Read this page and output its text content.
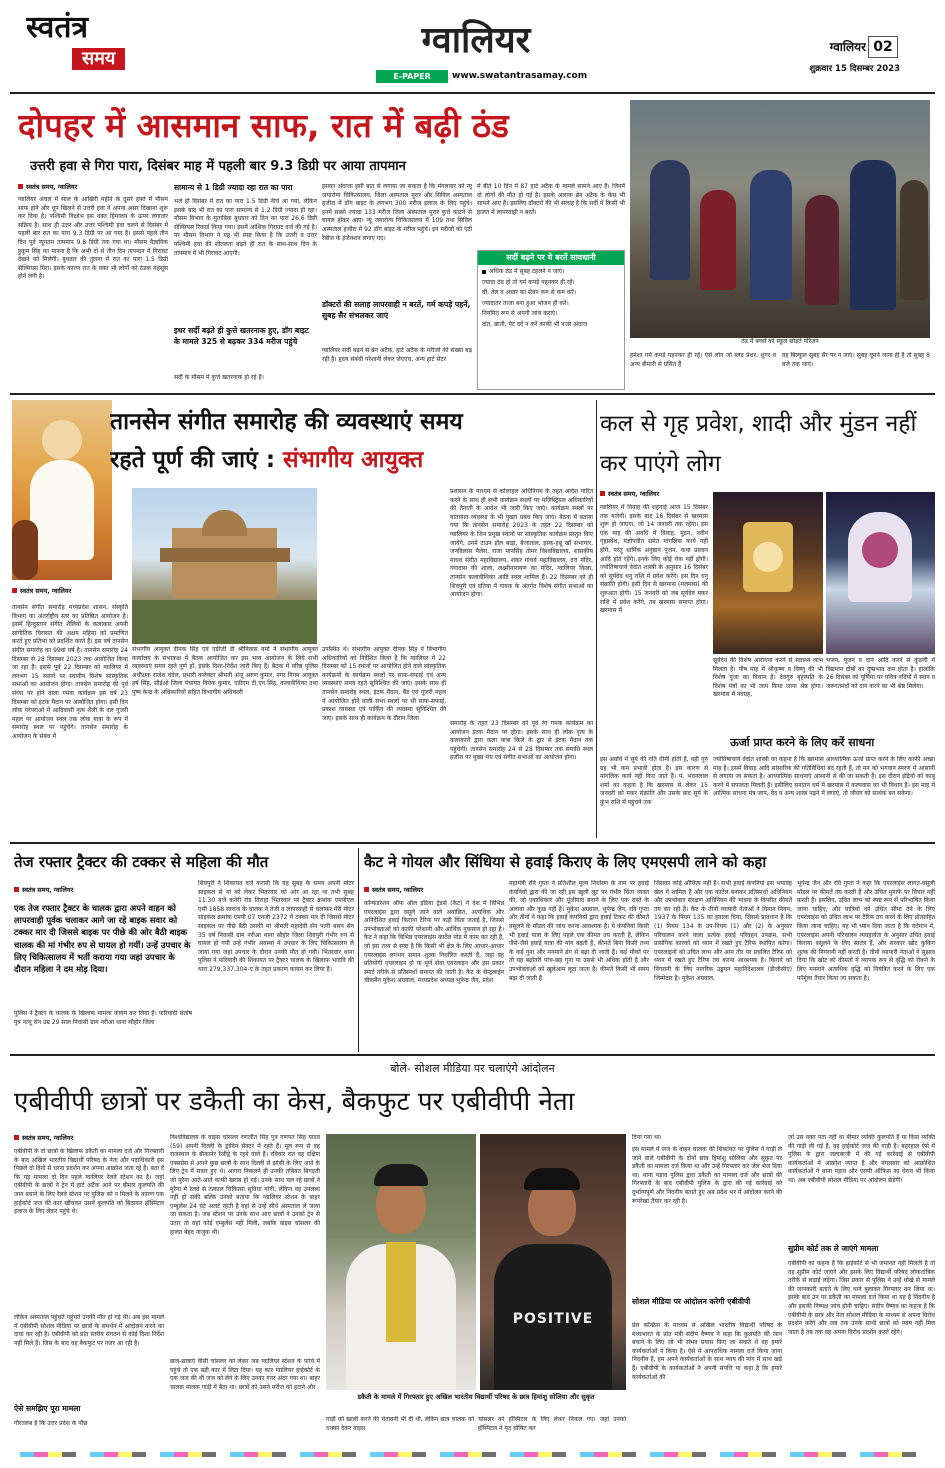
स्वतंत्र
समय	ग्वालियर
E-PAPER	www.swatantrasamay.com
ग्वालियर 02
शुक्रवार 15 दिसम्बर 2023
दोपहर में आसमान साफ, रात में बढ़ी ठंड
उत्तरी हवा से गिरा पारा, दिसंबर माह में पहली बार 9.3 डिग्री पर आया तापमान
स्वतंत्र समय, ग्वालियर
ग्वालियर अंचल में साल के आखिरी महीने के दूसरे हफ्ते में मौसम साफ होने और धूप खिलने से उत्तरी हवा ने अपना असर दिखाना शुरू कर दिया है। पश्चिमी विक्षोभ इस वक्त हिमालय के ऊपर लगातार सक्रिय है। साथ ही उत्तर और उत्तर पश्चिमी हवा चलने से दिसंबर में पहली बार रात का पारा 9.3 डिग्री पर आ गया है। इससे पहले तीन दिन पूर्व न्यूनतम तापमान 9.8 डिग्री तक गया था। मौसम वैज्ञानिक हुकुम सिंह का मानना है कि अभी दो से तीन दिन तापमान में गिरावट देखने को मिलेगी। बुधवार की तुलना में रात का पारा 1.5 डिग्री सेल्सियस गिरा। इसके कारण रात के वक्त भी लोगों को ठंडक महसूस होने लगी है।
सामान्य से 1 डिग्री ज्यादा रहा रात का पारा
भले ही दिसंबर में रात का पारा 1.5 डिग्री नीचे आ गया, लेकिन इसके बाद भी रात का पारा सामान्य से 1.2 डिग्री ज्यादा ही रहा। मौसम विभाग के मुताबिक बुधवार को दिन का पारा 26.6 डिग्री सेल्सियस रिकार्ड किया गया। इसमें आंशिक गिरावट दर्ज की गई है। पर मौसम विभाग ने यह भी स्पष्ट किया है कि उत्तरी व उत्तर पश्चिमी हवा की शीतलता बढ़ते ही रात के साथ-साथ दिन के तापमान में भी गिरावट आएगी।
इधर सर्दी बढ़ते ही कुत्ते खतरनाक हुए, डॉग बाइट के मामले 325 से बढ़कर 334 मरीज पहुंचे
सर्दी के मौसम में कुत्ते खतरनाक हो रहे हैं।
इसका अंदाजा इसी बात से लगाया जा सकता है कि मंगलवार को न्यू जयारोग्य चिकित्सालय, जिला अस्पताल मुरार और सिविल अस्पताल हजीरा में डॉग बाइट के लगभग 300 मरीज इलाज के लिए पहुंचे। इनमें सबसे ज्यादा 133 मरीज जिला अस्पताल मुरार कुत्ते काटने से घायल होकर आए। न्यू जयारोग्य चिकित्सालय में 109 तथा सिविल अस्पताल हजीरा में 92 डॉग बाइट के मरीज पहुंचे। इन मरीजों को एंटी रैबीज के इंजेक्शन लगाए गए।
डॉक्टरों की सलाह लापरवाही न बरतें, गर्म कपड़े पहनें, सुबह सैर संभलकर जाएं
ग्वालियर सर्दी बढ़ने से ब्रेन अटैक, हार्ट अटैक के मरीजों की संख्या बढ़ रही है। हृदय संबंधी परेशानी लेकर जेएएच, अन्य हार्ट सेंटर
में बीते 10 दिन में 87 हार्ट अटैक के मामले सामने आए हैं। जिनमें दो लोगों की मौत हो गई है। इसके अलावा ब्रेन अटैक के केस भी सामने आए हैं। इसलिए डॉक्टरों की भी सलाह है कि सर्दी में किसी भी हालत में लापरवाही न बरतें।
सर्दी बढ़ने पर ये बरतें सावधानी
अधिक ठंड में सुबह टहलने न जाएं।
ज्यादा ठंड हो तो गर्म कपड़े पहनकर ही रहें।
घी, तेल व अचार का सेवन कम से कम करें।
ज्यादातर ताजा बना हुआ भोजन ही करें।
नियमित रूप से अपनी जांच कराएं।
दांत, छाती, पेट दर्द न करें काफी भी नजर अंदाज
ठंड में बच्चों को स्कूल छोड़ते परिजन
हमेशा गर्म कपड़े पहनकर ही रहें। ऐसे लोग जो ब्लड प्रेशर, शुगर व अन्य बीमारी से ग्रसित हैं
वह बिल्कुल सुबह सैर पर न जाएं। सुबह घूमने जाना ही है तो सुबह 8 बजे तक जाएं।
तानसेन संगीत समारोह की व्यवस्थाएं समय
रहते पूर्ण की जाएं : संभागीय आयुक्त
स्वतंत्र समय, ग्वालियर
तानसेन संगीत समारोह मध्यप्रदेश शासन, संस्कृति विभाग का अंतर्राष्ट्रीय स्तर का प्रतिष्ठित आयोजन है। इसमें हिन्दुस्तान संगीत शैलियों के कलाकार अपनी सांगीतिक विरासत की अक्षय महिमा को प्रमाणित करते हुए प्रतिभा को प्रदर्शित करते हैं। इस वर्ष तानसेन संगीत समारोह का 99वां वर्ष है। तानसेन समारोह 24 दिसम्बर से 28 दिसम्बर 2023 तक आयोजित किया जा रहा है। इससे पूर्व 22 दिसम्बर को ग्वालियर में लगभग 15 स्थानों पर स्थानीय विशेष सांस्कृतिक सभाओं का आयोजन होगा। तानसेन समारोह की पूर्व संध्या पर होने वाला गमक कार्यक्रम इस वर्ष 23 दिसम्बर को इंटक मैदान पर आयोजित होगा। इसी दिन लोक परंपराओं में आदिवासी नृत्य शैली के दल गूजरी महल पर आयोजन स्थल तक लोक यात्रा के रूप में समारोह स्थल पर पहुंचेंगे। तानसेन समारोह के आयोजन के संबंध में
संभागीय आयुक्त दीपक सिंह एवं एडीजी डी श्रीनिवास वर्मा ने संभागीय आयुक्त कार्यालय के सभाकक्ष में बैठक आयोजित कर इस भव्य आयोजन के लिये सभी व्यवस्थाएं समय रहते पूर्ण हों, इसके दिशा-निर्देश जारी किए हैं। बैठक में वरिष्ठ पुलिस अधीक्षक राजेश चंदेल, प्रभारी कलेक्टर श्रीमती अंजू अरुण कुमार, नगर निगम आयुक्त हर्ष सिंह, सीईओ जिला पंचायत विवेक कुमार, एडीएम टी एन सिंह, कलावीथिका तथा पुष्प केन्द्र के अधिकारियों सहित विभागीय अधिकारी
उपस्थित थे। संभागीय आयुक्त दीपक सिंह ने विभागीय अधिकारियों को निर्देशित किया है कि ग्वालियर में 22 दिसम्बर को 15 स्थानों पर आयोजित होने वाले सांस्कृतिक कार्यक्रमों के कार्यक्रम स्थलों पर साफ-सफाई एवं अन्य व्यवस्थाएं समय रहते सुनिश्चित की जाएं। इसके साथ ही तानसेन समारोह स्थल, इंटक मैदान, बैंड एवं गूजरी महल में आयोजित होने वाली सभा स्थलों पर भी साफ-सफाई, प्रकाश व्यवस्था एवं पार्किंग की व्यवस्था सुनिश्चित की जाए। इसके साथ ही कार्यक्रम के दौरान जिला
प्रशासन के माध्यम से कोलाहल अधिनियम के तहत आदेश पारित करने के साथ ही सभी कार्यक्रम स्थलों पर मजिस्ट्रियल अधिकारियों की तैनाती के आदेश भी जारी किए जाएं। कार्यक्रम स्थलों पर यातायात व्यवस्था के भी पुख्ता प्रबंध किए जाएं। बैठक में बताया गया कि तानसेन समारोह 2023 के तहत 22 दिसम्बर को ग्वालियर के जिन प्रमुख स्थानों पर सांस्कृतिक कार्यक्रम प्रस्तुत किए जायेंगे, उनमें टाउन हॉल बाड़ा, बैजाताल, इस्क-हबू खाँ सभागार, जनविलास पैलेस, राजा मानसिंह तोमर विश्वविद्यालय, शासकीय माधव संगीत महाविद्यालय, शंकर गांधर्व महाविद्यालय, दत्त मंदिर, गंगादास की शाला, लक्ष्मीनारायण का मंदिर, ग्वालियर किला, तानसेन कलावीथिका आदि स्थल शामिल हैं। 22 दिसम्बर को ही शिवपुरी एवं दतिया में गायक के अंतर्गत विशेष संगीत सभाओं का आयोजन होगा।
समारोह के तहत 23 दिसम्बर को पूर्व रंग गमक कार्यक्रम का आयोजन इंटक मैदान पर होगा। इसके साथ ही लोक नृत्य के कलाकारों द्वारा कला यात्रा किले के द्वार से इंटक मैदान तक पहुंचेगी। तानसेन समारोह 24 से 28 दिसम्बर तक समाधि स्थल हजीरा पर मुख्य मंच एवं संगीत सभाओं का आयोजन होगा।
कल से गृह प्रवेश, शादी और मुंडन नहीं कर पाएंगे लोग
स्वतंत्र समय, ग्वालियर
ग्वालियर में विवाह की शहनाई आज 15 दिसंबर तक बजेगी। इसके बाद 16 दिसंबर से खरमास शुरू हो जाएगा, जो 14 जनवरी तक रहेगा। इस एक माह की अवधि में विवाह, मुंडन, नवीन गृहप्रवेश, यज्ञोपवीत समेत मांगलिक कार्य नहीं होंगे, परंतु धार्मिक अनुष्ठान पूजन, कथा प्रवचन आदि होते रहेंगे। इनके लिए कोई रोक नहीं होगी। ज्योतिषाचार्य वेदांत शास्त्री के अनुसार 16 दिसंबर को सूर्यदेव धनु राशि में प्रवेश करेंगे। इस दिन धनु संक्रांति होगी। इसी दिन से खरमास (मलमास) की शुरुआत होगी। 15 जनवरी को जब सूर्यदेव मकर राशि में प्रवेश करेंगे, तब खरमास समाप्त होगा। खरमास में
सूर्यदेव की विशेष आराधना करने से स्वास्थ्य लाभ मिलता है। पौष माह में श्रीकृष्ण व विष्णु की भी विशेष पूजा का विधान है। देवगुरु बृहस्पति के विशेष मंत्रों का भी जाप किया जाना श्रेष्ठ होगा। खरमास में नवग्रह,
भजन, पूजन व दान आदि करने से कुंडली में विद्यमान दोषों का दुष्प्रभाव कम होता है। हालांकि 26 दिसंबर को पूर्णिमा पर पवित्र नदियों में स्नान व जरूरतमंदों को दान करने का भी श्रेष्ठ मिलेगा।
इस अवधि में सूर्य की गति धीमी होती है, वहीं गुरु ग्रह भी कम प्रभावी होता है। इस कारण से मांगलिक कार्य नहीं किए जाते हैं। पं. भवनलाल शर्मा का कहना है कि खरमास से लेकर 15 जनवरी को मकर संक्रांति और उसके बाद सूर्य के कुंभ राशि में पहुंचने तक
ऊर्जा प्राप्त करने के लिए करें साधना
ज्योतिषाचार्य वेदांत शास्त्री का कहना है कि खरमास आध्यात्मिक ऊर्जा प्राप्त करने के लिए काफी अच्छा माह है। इसमें विवाह आदि सांसारिक की गतिविधियां बंद रहती हैं, तो मन को भगवान स्मरण में आसानी से लगाया जा सकता है। आध्यात्मिक साधनाएं आसानी से की जा सकती हैं। इस दौरान इंद्रियों को काबू करने में सफलता मिलती है। इसीलिए सनातन धर्म में खरमास में कल्पवास का भी विधान है। इस माह में आत्मिक साधना मंत्र जाप, वेद व अन्य शास्त्र पढ़ने में लगाएं, तो जीवन को सार्थक बन सकेगा।
तेज रफ्तार ट्रैक्टर की टक्कर से महिला की मौत
स्वतंत्र समय, ग्वालियर
एक तेज रफ्तार ट्रैक्टर के चालक द्वारा अपने वाहन को लापरवाही पूर्वक चलाकर आगे जा रहे बाइक सवार को टक्कर मार दी जिससे बाइक पर पीछे की ओर बैठी बाइक चालक की मां गंभीर रुप से घायल हो गयीं। उन्हें उपचार के लिए चिकित्सालय में भर्ती कराया गया जहां उपचार के दौरान महिला ने दम मोड़ दिया।
पुलिस ने ट्रैक्टर के चालक के खिलाफ मामला कायम कर लिया है। फरियादी संतोष पुत्र नत्थू सेन उम्र 29 साल निवासी ग्राम नरीआ थाना सौहोर जिला
शिवपुरी ने शिकायत दर्ज करायी कि वह सुबह के समय अपनी मोटर साइकल से मां को लेकर भितरवार को ओर आ रहा था तभी सुबह 11.30 बजे कनेरी रोड तिराहा भितरवार पर ट्रैक्टर क्रमांक एमपीएल एसी 1858 स्वराज के चालक ने तेजी व लापरवाही से चलाकर मेरी मोटर साइकल क्रमांक एमपी 07 एनजी 2372 में टक्कर मार दी जिससे मोटर साइकल पर पीछे बैठी उसकी मां श्रीमती महादेवी सेन पत्नी बसन सेन 35 वर्ष निवासी ग्राम नरीआ थाना सौहोर जिला शिवपुरी गंभीर रुप से घायल हो गयी उन्हें गंभीर अवस्था में उपचार के लिए चिकित्सालय ले जाया गया जहां उपचार के दौरान उनकी मौत हो गयी। भितरवार थाना पुलिस ने फरियादी की शिकायत पर ट्रैक्टर चालक के खिलाफ भादवि की धारा 279,337,304-ए के तहत प्रकरण कायम कर लिया है।
कैट ने गोयल और सिंधिया से हवाई किराए के लिए एमएसपी लाने को कहा
स्वतंत्र समय, ग्वालियर
कॉन्फेडरेशन ऑफ ऑल इंडिया ट्रेडर्स (कैट) ने देश में विभिन्न एयरलाइंस द्वारा वसूले जाने वाले अवांछित, अत्यधिक और अनिर्देशित हवाई किराया टैरिफ पर कड़ी चिंता जताई है, जिससे उपभोक्ताओं को काफी परेशानी और आर्थिक नुकसान हो रहा है। कैट ने कहा कि विभिन्न एयरलाइंस कार्टेल मोड में काम कर रही हैं, जो इस तथ्य से स्पष्ट है कि किसी भी क्षेत्र के लिए आधार-आधार एयरलाइंस लगभग समान शुल्क निर्धारित करती हैं, जहां वह प्रतियोगी एयरलाइन हो या पूर्ण सेवा एयरलाइन और इस प्रकार स्मार्ट तरीके से प्रतिस्पर्धा समाप्त की जाती है। कैट के सेन्ट्रलाईन चीफ़मैन मुकेश अग्रवाल, मध्यप्रदेश अध्यक्ष भूपेन्द्र जैन, प्रदेश
महामंत्री रवि गुप्ता ने प्रतिशील मूल्य निर्धारण के नाम पर हवाई कंपनियों द्वारा की जा रही इस खुली लूट पर गंभीर चिंता व्यक्त की, जो एकाधिकार और पूंजीवाद बनाने के लिए एक रास्ते के अलावा और कुछ नहीं है। मुकेश अग्रवाल, भूपेन्द्र जैन, रवि गुप्ता और तीनों ने कहा कि हवाई कंपनियों द्वारा हवाई टिकट की कीमतें वसूलने के मॉडल की जांच करना आवश्यक है। ये कंपनियां किसी भी हवाई यात्रा के लिए पहले एक कीमत तय करती हैं, लेकिन जैसे-जैसे हवाई यात्रा की मांग बढ़ती है, कीमतें बिना किसी तथ्य के कई गुना और मनमाने ढंग से बढ़ा दी जाती हैं। कई मौकों पर तो यह बढ़ोतरी पांच-छह गुना या उससे भी अधिक होती है और उपभोक्ताओं को खुलेआम लूटा जाता है। कीमतें किसी भी समय बढ़ा दी जाती हैं
जिसका कोई औचित्य नहीं है। सभी हवाई कंपनियां इस भयावह खेल में शामिल हैं और एक कार्टेल बनाकर प्रतिस्पर्धा अधिनियम और उपभोक्ता संरक्षण अधिनियम की भावना के विपरीत कीमतें तय कर रही हैं। कैट के तीनों व्यापारी नेताओं ने विमान नियम, 1937 के नियम 135 का हवाला दिया, जिसमें प्रावधान है कि (1) नियम 134 के उप-नियम (1) और (2) के अनुसार परिचालन करने वाला प्रत्येक हवाई परिवहन उपक्रम, सभी प्रासंगिक कारकों को ध्यान में रखते हुए टैरिफ स्थापित करेगा। एयरलाइनों को उचित लाभ और आम तौर पर प्रचलित टैरिफ को ध्यान में रखते हुए टैरिफ तय करना आवश्यक है। किराये को निगरानी के लिए नागरिक उड्डयन महानिदेशालय (डीजीसीए) जिम्मेदार है। मुकेश अग्रवाल,
भूपेन्द्र जैन और रवि गुप्ता ने कहा कि एयरलाइंस लागत-वसूली मॉडल पर कीमतें तय करती हैं और उचित मुनाफे पर विचार नहीं करती हैं। इसलिए, उचित लाभ को स्पष्ट रूप से परिभाषित किया जाना चाहिए, और यात्रियों को उचित सीमा देने के लिए एयरलाइंस को उचित लाभ पर टैरिफ तय करने के लिए प्रोत्साहित किया जाना चाहिए। यह भी ध्यान दिया जाता है कि वर्तमान में, एयरलाइंस अपनी परिचालन व्यवहार्यता के अनुसार उचित हवाई किराया वसूलने के लिए स्वतंत्र हैं, और सरकार खोट कुकिंग शुल्क की निगरानी नहीं करती है। तीनों व्यापारी नेताओं ने सुझाव दिया कि खोट को कीमतों में व्यापक रूप से वृद्धि को रोकने के लिए मनमाने अत्यधिक वृद्धि को नियंत्रित करने के लिए एक फॉर्मूला तैयार किया जा सकता है।
बोले- सोशल मीडिया पर चलाएंगे आंदोलन
एबीवीपी छात्रों पर डकैती का केस, बैकफुट पर एबीवीपी नेता
स्वतंत्र समय, ग्वालियर
एबीवीपी के दो छात्रों के खिलाफ डकैती का मामला दर्ज और गिरफ्तारी के बाद अखिल भारतीय विद्यार्थी परिषद के नेता और पदाधिकारी इस पिछले दो दिनों से धरना प्रदर्शन कर अपना आक्रोश जता रहे हैं। बता दें कि यह मामला दो दिन पहले ग्वालियर रेलवे स्टेशन का है। जहां एबीवीपी के छात्रों ने ट्रेन में हार्ट अटैक आने पर बीमार कुलपति की जान बचाने के लिए रेलवे स्टेशन पर पुलिस को न मिलने के कारण एक हाईकोर्ट जज की कार खींचकर उसमें कुलपति को बिठाकर हॉस्पिटल इलाज के लिए लेकर पहुंचे थे।
लेकिन अस्पताल पहुंचते पहुंचते उनकी मौत हो गई थी। अब इस मामले में एबीवीपी सोशल मीडिया पर छात्रों के समर्थन में आंदोलन करने का दावा कर रही है। एबीवीपी को प्रांत स्तरीय संगठन से कोई दिशा निर्देश नहीं मिले हैं। जिस के बाद वह बैकफुट पर नजर आ रही है।
ऐसे समझिए पूरा मामला
गौरतलब है कि उत्तर प्रदेश के पौंछ
विश्वविद्यालय के वाइस चांसलर रणजीत सिंह पुत्र गणपत सिंह यादव (59) अपनी दिल्ली के ड्राविन सेक्टर में रहते हैं। मूल रूप से वह राजस्थान के बीकानेर रेंजीड्रे के रहने वाले हैं। रविवार रात वह दक्षिण एक्सप्रेस से अपने कुछ छात्रों के साथ दिल्ली से झांसी के लिए आने के लिए ट्रेन में सवार हुए थे। आगरा निकलने ही उनकी तबियत बिगड़ती जो मुरैना आते-आते काफी खराब हो गई। उनके साथ चल रहे छात्रों ने मुरैना में रेलवे से तत्काल चिकित्सा सुविधा मांगी, लेकिन वह उपलब्ध नहीं हो सकी बल्कि उनको बताया कि ग्वालियर स्टेशन के बाहर एम्बुलेंस 24 घंटे अलर्ट रहती है वहां से उन्हें सीधे अस्पताल ले जाया जा सकता है। जब स्टेशन पर उनके साथ आए छात्रों ने उनको ट्रेन से उतार तो वहां कोई एम्बुलेंस नहीं मिली, जबकि वाइस चांसलर की हालत बेहद नाजुक थी।
छात्र-छात्राएं वीसी चांसलर को लेकर जब ग्वालियर स्टेशन के फोर्च में पहुंचे तो एक बड़ी कार में लिटा दिया। यह कार ग्वालियर हाईकोर्ट के एक जज की थी जज को लेने के लिए उनका गनर अंदर गया था। बाहर चालक मालक गाड़ी में बैठा था। छात्रों को उसने मरीज को हटाने और
POSITIVE
डकैती के मामले में गिरफ्तार हुए अखिल भारतीय विद्यार्थी परिषद के छात्र हिमांशु सोलिया और सुकृत
गाड़ी को खाली करने की चेतावनी भी दी थी, लेकिन छात्र चालक को धक्का देकर वाइस
चांसलर को हॉस्पिटल के लिए लेकर निकल गए। जहां उनको हॉस्पिटल ने मृत घोषित कर
दिया गया था।
इस मामले में जज के वाहन चालक की शिकायत पर पुलिस ने गाड़ी ले जाने वाले एबीवीपी के दोनों छात्र हिमांशु सोलिया और सुकृत पर डकैती का मामला दर्ज किया था और उन्हें गिरफ्तार कर जेल भेज दिया था। थाना पड़ाव पुलिस द्वारा डकैती का मामला दर्ज और छात्रों की गिरफ्तारी के बाद एबीवीपी पुलिस के द्वारा की गई कार्रवाई को दुर्भाग्यपूर्ण और निंदनीय बताते हुए अब प्रदेश भर में आंदोलन करने की रूपरेखा तैयार कर रही है।
सोशल मीडिया पर आंदोलन करेगी एबीवीपी
प्रेस कॉन्फ्रेंस के माध्यम से अखिल भारतीय विद्यार्थी परिषद के मध्यभारत के प्रांत मंत्री संदीप वैष्णव ने कहा कि कुलपति की जान बचाने के लिए जो भी संभव प्रयास किए जा सकते थे वह हमारे कार्यकर्ताओं ने किया है। ऐसे में आपराधिक मामला दर्ज किया जाना निंदनीय है, हम अपने कार्यकर्ताओं के साथ न्याय की मांग में साथ खड़े हैं। एबीवीपी के कार्यकर्ताओं ने अपनी संपत्ति या कहा है कि हमारे कार्यकर्ताओं की
जो उस वक्त पता नहीं था बीमार व्यक्ति कुलपति हैं या किस व्यक्ति की गाड़ी ली गई है, वह हाईकोर्ट जज की गाड़ी है। बहरहाल ऐसे में पुलिस के द्वारा जल्दबाजी में की गई कार्रवाई से एबीवीपी कार्यकर्ताओं में आक्रोश व्याप्त है और मंगलवार को आक्रोशित कार्यकर्ताओं ने थाना पड़ाव और एसपी ऑफिस का घेराव भी किया था। अब एबीवीपी सोशल मीडिया पर आंदोलन छेड़ेगी।
सुप्रीम कोर्ट तक ले जाएंगे मामला
एबीवीपी का कहना है कि हाईकोर्ट से भी जमानत नहीं मिलती है तो वह सुप्रीम कोर्ट जाएंगे और इसके लिए विद्यार्थी परिषद लोकतांत्रिक तरीके से लड़ाई लड़ेगा। जिस प्रकार से पुलिस ने उन्हें धोखे से मामले की जानकारी बताते के लिए थाने बुलाकर गिरफ्तार कर लिया था। इसके बाद उन पर डकैती का मामला दर्ज किया था यह है निंदनीय है और इसकी निष्पक्ष जांच होनी चाहिए। संदीप वैष्णव का कहना है कि एबीवीपी के छात्र और नेता सोशल मीडिया के माध्यम से अपना विरोध प्रदर्शन करेंगे और जब तक उनके साथी छात्रों को न्याय नहीं मिल जाता है तब तक वह अपना विरोध प्रदर्शन करते रहेंगे।
